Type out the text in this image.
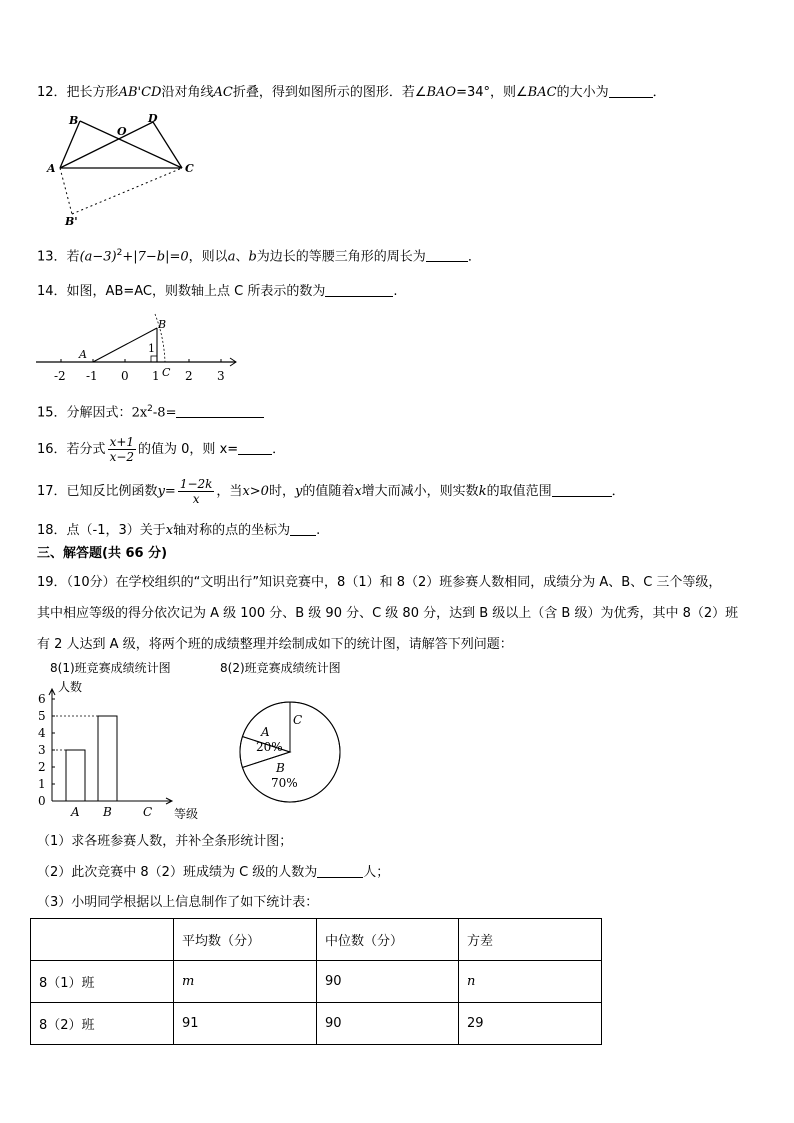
12．把长方形AB'CD沿对角线AC折叠，得到如图所示的图形．若∠BAO=34°，则∠BAC的大小为	．
B
O
D
A	C
B'
13．若$(a-3)^2+|7-b|=0$，则以a、b为边长的等腰三角形的周长为	．
14．如图，AB=AC，则数轴上点 C 所表示的数为	.
A
B
1
C
-2 -1 0 1 2 3
15．分解因式：$2x^2-8=$
16．若分式 $\frac{x+1}{x-2}$ 的值为 0，则 x=	．
17．已知反比例函数$y= \frac{1-2k}{x}$ ，当x>0时，y的值随着x增大而减小，则实数k的取值范围	．
18．点（-1，3）关于x轴对称的点的坐标为 .
三、解答题(共 66 分)
19．（10分）在学校组织的“文明出行”知识竞赛中，8（1）和 8（2）班参赛人数相同，成绩分为 A、B、C 三个等级，
其中相应等级的得分依次记为 A 级 100 分、B 级 90 分、C 级 80 分，达到 B 级以上（含 B 级）为优秀，其中 8（2）班
有 2 人达到 A 级，将两个班的成绩整理并绘制成如下的统计图，请解答下列问题：
8(1)班竞赛成绩统计图	8(2)班竞赛成绩统计图
人数
等级
0
1
2
3
4
5
6
A B	C
A
20%
B
70%
C
（1）求各班参赛人数，并补全条形统计图；
（2）此次竞赛中 8（2）班成绩为 C 级的人数为	人；
（3）小明同学根据以上信息制作了如下统计表：
	平均数（分）	中位数（分）	方差
8（1）班	m	90	n
8（2）班	91	90	29
